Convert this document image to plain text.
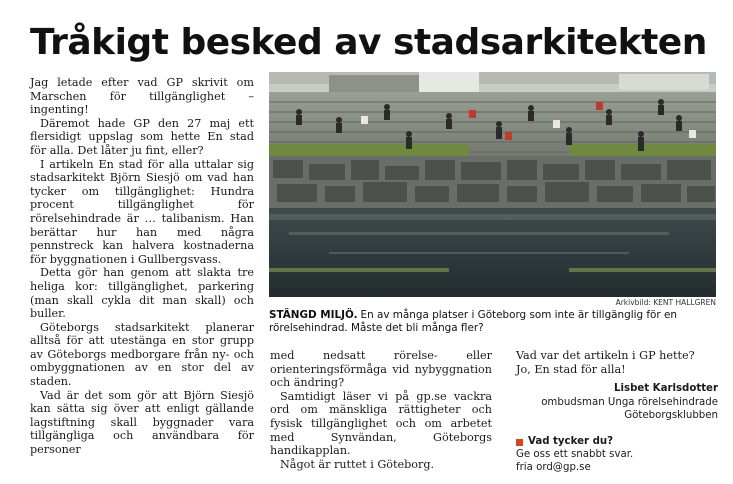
Tråkigt besked av stadsarkitekten

Jag letade efter vad GP skrivit om Marschen för tillgänglighet – ingenting!

Däremot hade GP den 27 maj ett flersidigt uppslag som hette En stad för alla. Det låter ju fint, eller?

I artikeln En stad för alla uttalar sig stadsarkitekt Björn Siesjö om vad han tycker om tillgänglighet: Hundra procent tillgänglighet för rörelsehindrade är … talibanism. Han berättar hur han med några pennstreck kan halvera kostnaderna för byggnationen i Gullbergsvass.

Detta gör han genom att slakta tre heliga kor: tillgänglighet, parkering (man skall cykla dit man skall) och buller.

Göteborgs stadsarkitekt planerar alltså för att utestänga en stor grupp av Göteborgs medborgare från ny- och ombyggnationen av en stor del av staden.

Vad är det som gör att Björn Siesjö kan sätta sig över att enligt gällande lagstiftning skall byggnader vara tillgängliga och användbara för personer

Arkivbild: KENT HALLGREN
STÄNGD MILJÖ. En av många platser i Göteborg som inte är tillgänglig för en rörelsehindrad. Måste det bli många fler?

med nedsatt rörelse- eller orienteringsförmåga vid nybyggnation och ändring?

Samtidigt läser vi på gp.se vackra ord om mänskliga rättigheter och fysisk tillgänglighet och om arbetet med Synvändan, Göteborgs handikapplan.

Något är ruttet i Göteborg.

Vad var det artikeln i GP hette?

Jo, En stad för alla!

Lisbet Karlsdotter
ombudsman Unga rörelsehindrade
Göteborgsklubben
Vad tycker du?
Ge oss ett snabbt svar.
fria ord@gp.se
